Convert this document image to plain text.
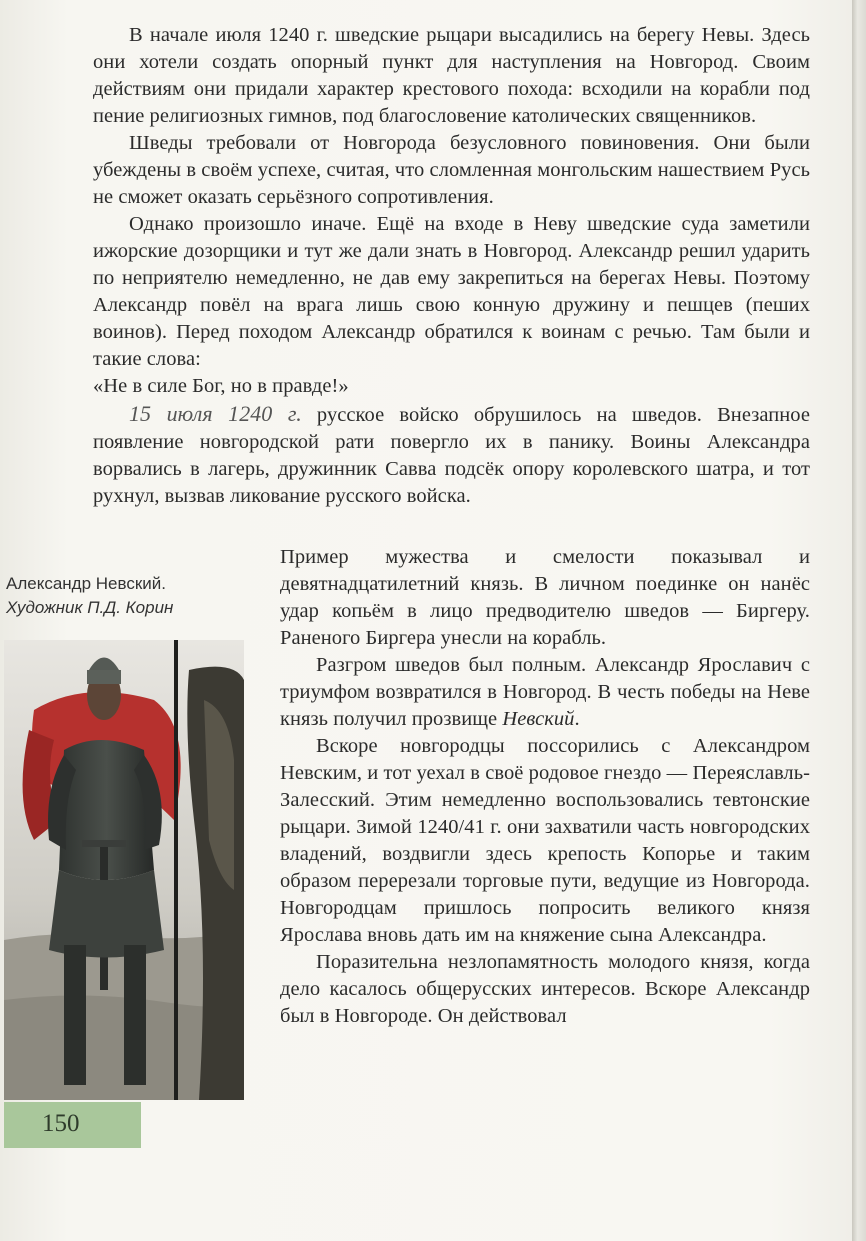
В начале июля 1240 г. шведские рыцари высадились на берегу Невы. Здесь они хотели создать опорный пункт для наступления на Новгород. Своим действиям они придали характер крестового похода: всходили на корабли под пение религиозных гимнов, под благословение католических священников.

Шведы требовали от Новгорода безусловного повиновения. Они были убеждены в своём успехе, считая, что сломленная монгольским нашествием Русь не сможет оказать серьёзного сопротивления.

Однако произошло иначе. Ещё на входе в Неву шведские суда заметили ижорские дозорщики и тут же дали знать в Новгород. Александр решил ударить по неприятелю немедленно, не дав ему закрепиться на берегах Невы. Поэтому Александр повёл на врага лишь свою конную дружину и пешцев (пеших воинов). Перед походом Александр обратился к воинам с речью. Там были и такие слова:

«Не в силе Бог, но в правде!»

15 июля 1240 г. русское войско обрушилось на шведов. Внезапное появление новгородской рати повергло их в панику. Воины Александра ворвались в лагерь, дружинник Савва подсёк опору королевского шатра, и тот рухнул, вызвав ликование русского войска.

Александр Невский.
Художник П.Д. Корин

Пример мужества и смелости показывал и девятнадцатилетний князь. В личном поединке он нанёс удар копьём в лицо предводителю шведов — Биргеру. Раненого Биргера унесли на корабль.

Разгром шведов был полным. Александр Ярославич с триумфом возвратился в Новгород. В честь победы на Неве князь получил прозвище Невский.

Вскоре новгородцы поссорились с Александром Невским, и тот уехал в своё родовое гнездо — Переяславль-Залесский. Этим немедленно воспользовались тевтонские рыцари. Зимой 1240/41 г. они захватили часть новгородских владений, воздвигли здесь крепость Копорье и таким образом перерезали торговые пути, ведущие из Новгорода. Новгородцам пришлось попросить великого князя Ярослава вновь дать им на княжение сына Александра.

Поразительна незлопамятность молодого князя, когда дело касалось общерусских интересов. Вскоре Александр был в Новгороде. Он действовал

150
